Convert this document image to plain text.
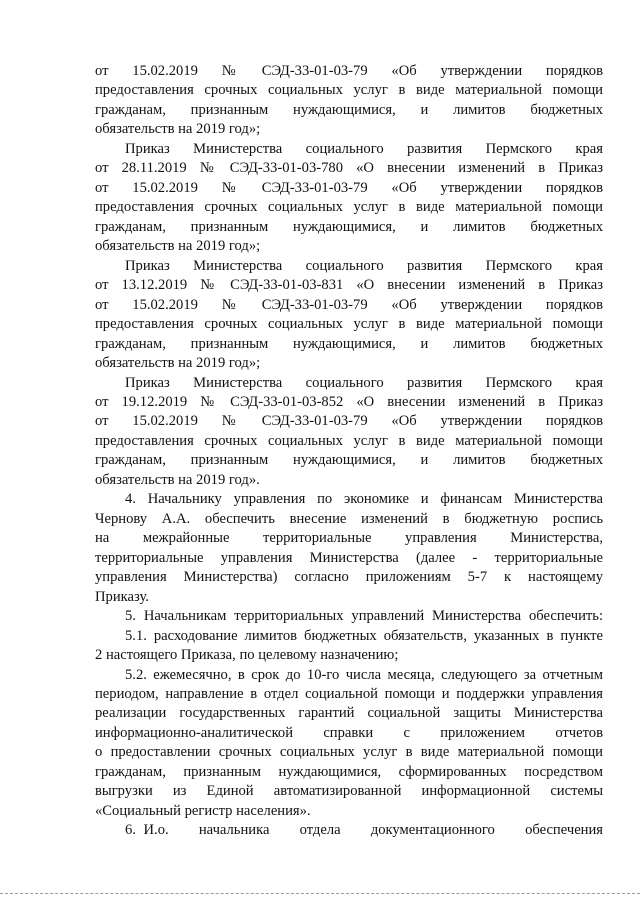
от    15.02.2019    №    СЭД-33-01-03-79    «Об    утверждении    порядков
предоставления срочных социальных услуг в виде материальной помощи
гражданам,    признанным    нуждающимися,    и    лимитов    бюджетных
обязательств на 2019 год»;
Приказ    Министерства    социального    развития    Пермского    края
от  28.11.2019  №  СЭД-33-01-03-780  «О  внесении  изменений  в  Приказ
от    15.02.2019    №    СЭД-33-01-03-79    «Об    утверждении    порядков
предоставления срочных социальных услуг в виде материальной помощи
гражданам,    признанным    нуждающимися,    и    лимитов    бюджетных
обязательств на 2019 год»;
Приказ    Министерства    социального    развития    Пермского    края
от  13.12.2019  №  СЭД-33-01-03-831  «О  внесении  изменений  в  Приказ
от    15.02.2019    №    СЭД-33-01-03-79    «Об    утверждении    порядков
предоставления срочных социальных услуг в виде материальной помощи
гражданам,    признанным    нуждающимися,    и    лимитов    бюджетных
обязательств на 2019 год»;
Приказ    Министерства    социального    развития    Пермского    края
от  19.12.2019  №  СЭД-33-01-03-852  «О  внесении  изменений  в  Приказ
от    15.02.2019    №    СЭД-33-01-03-79    «Об    утверждении    порядков
предоставления срочных социальных услуг в виде материальной помощи
гражданам,    признанным    нуждающимися,    и    лимитов    бюджетных
обязательств на 2019 год».
4. Начальнику управления по экономике и финансам Министерства
Чернову А.А. обеспечить внесение изменений в бюджетную роспись
на    межрайонные    территориальные    управления    Министерства,
территориальные управления Министерства (далее - территориальные
управления Министерства) согласно приложениям 5-7 к настоящему
Приказу.
5. Начальникам территориальных управлений Министерства обеспечить:
5.1. расходование лимитов бюджетных обязательств, указанных в пункте
2 настоящего Приказа, по целевому назначению;
5.2. ежемесячно, в срок до 10-го числа месяца, следующего за отчетным
периодом, направление в отдел социальной помощи и поддержки управления
реализации государственных гарантий социальной защиты Министерства
информационно-аналитической    справки    с    приложением    отчетов
о предоставлении срочных социальных услуг в виде материальной помощи
гражданам, признанным нуждающимися, сформированных посредством
выгрузки из Единой автоматизированной информационной системы
«Социальный регистр населения».
6. И.о.    начальника    отдела    документационного    обеспечения
